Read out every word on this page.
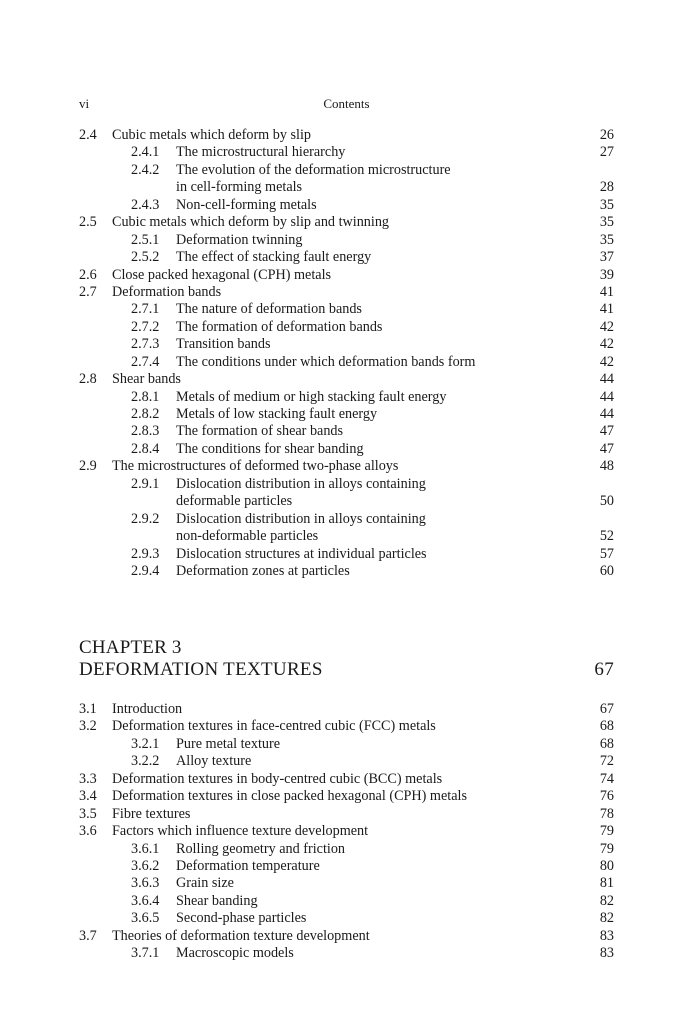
vi	Contents
2.4 Cubic metals which deform by slip	26
2.4.1 The microstructural hierarchy	27
2.4.2 The evolution of the deformation microstructure
in cell-forming metals	28
2.4.3 Non-cell-forming metals	35
2.5 Cubic metals which deform by slip and twinning	35
2.5.1 Deformation twinning	35
2.5.2 The effect of stacking fault energy	37
2.6 Close packed hexagonal (CPH) metals	39
2.7 Deformation bands	41
2.7.1 The nature of deformation bands	41
2.7.2 The formation of deformation bands	42
2.7.3 Transition bands	42
2.7.4 The conditions under which deformation bands form	42
2.8 Shear bands	44
2.8.1 Metals of medium or high stacking fault energy	44
2.8.2 Metals of low stacking fault energy	44
2.8.3 The formation of shear bands	47
2.8.4 The conditions for shear banding	47
2.9 The microstructures of deformed two-phase alloys	48
2.9.1 Dislocation distribution in alloys containing
deformable particles	50
2.9.2 Dislocation distribution in alloys containing
non-deformable particles	52
2.9.3 Dislocation structures at individual particles	57
2.9.4 Deformation zones at particles	60
CHAPTER 3
DEFORMATION TEXTURES	67
3.1 Introduction	67
3.2 Deformation textures in face-centred cubic (FCC) metals	68
3.2.1 Pure metal texture	68
3.2.2 Alloy texture	72
3.3 Deformation textures in body-centred cubic (BCC) metals	74
3.4 Deformation textures in close packed hexagonal (CPH) metals	76
3.5 Fibre textures	78
3.6 Factors which influence texture development	79
3.6.1 Rolling geometry and friction	79
3.6.2 Deformation temperature	80
3.6.3 Grain size	81
3.6.4 Shear banding	82
3.6.5 Second-phase particles	82
3.7 Theories of deformation texture development	83
3.7.1 Macroscopic models	83
